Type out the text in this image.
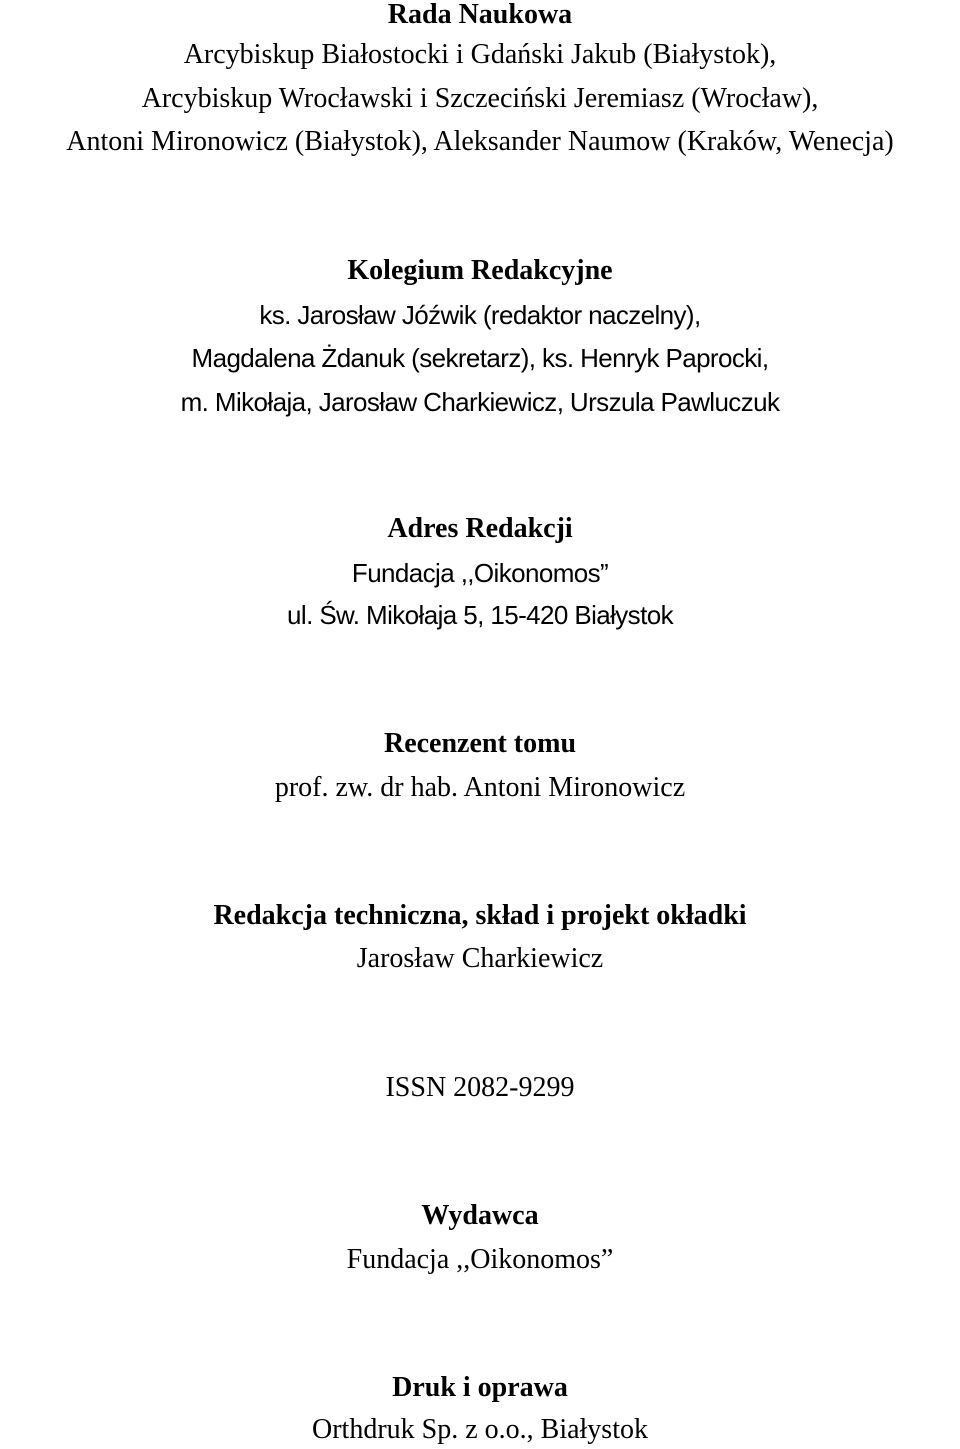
Rada Naukowa
Arcybiskup Białostocki i Gdański Jakub (Białystok),
Arcybiskup Wrocławski i Szczeciński Jeremiasz (Wrocław),
Antoni Mironowicz (Białystok), Aleksander Naumow (Kraków, Wenecja)
Kolegium Redakcyjne
ks. Jarosław Jóźwik (redaktor naczelny),
Magdalena Żdanuk (sekretarz), ks. Henryk Paprocki,
m. Mikołaja, Jarosław Charkiewicz, Urszula Pawluczuk
Adres Redakcji
Fundacja ,,Oikonomos”
ul. Św. Mikołaja 5, 15-420 Białystok
Recenzent tomu
prof. zw. dr hab. Antoni Mironowicz
Redakcja techniczna, skład i projekt okładki
Jarosław Charkiewicz
ISSN 2082-9299
Wydawca
Fundacja ,,Oikonomos”
Druk i oprawa
Orthdruk Sp. z o.o., Białystok
